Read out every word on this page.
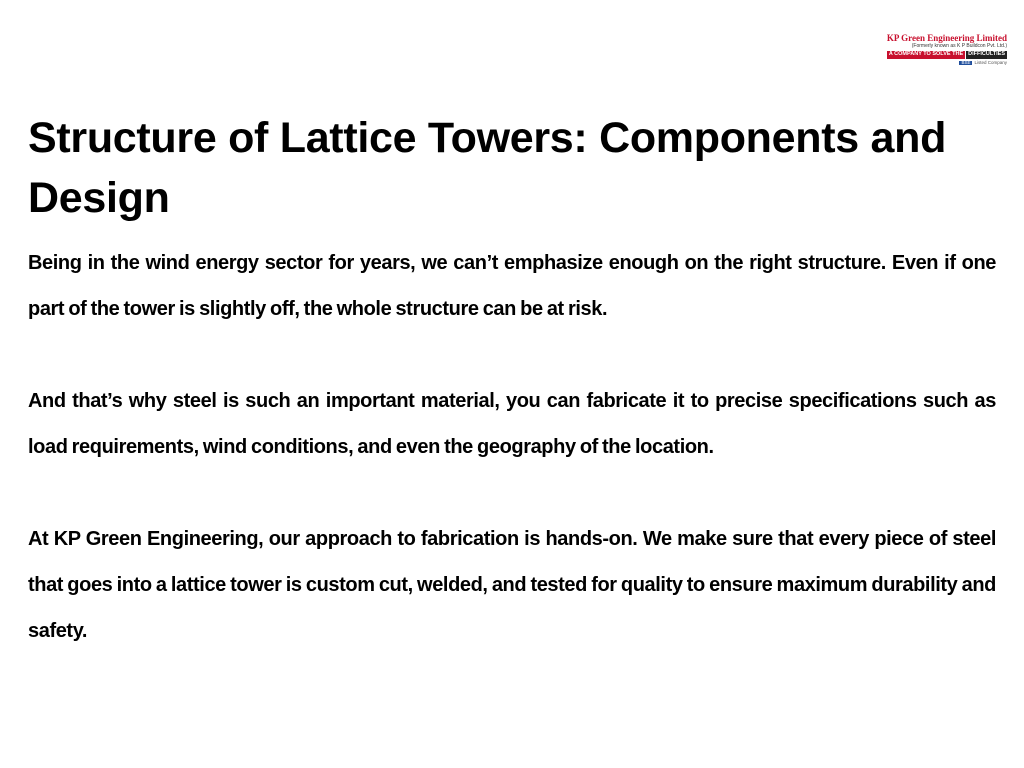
KP Green Engineering Limited
(Formerly known as K P Buildcon Pvt. Ltd.)
A COMPANY TO SOLVE THE DIFFICULTIES
BSE Listed Company
Structure of Lattice Towers: Components and Design

Being in the wind energy sector for years, we can’t emphasize enough on the right structure. Even if one part of the tower is slightly off, the whole structure can be at risk.

And that’s why steel is such an important material, you can fabricate it to precise specifications such as load requirements, wind conditions, and even the geography of the location.

At KP Green Engineering, our approach to fabrication is hands-on. We make sure that every piece of steel that goes into a lattice tower is custom cut, welded, and tested for quality to ensure maximum durability and safety.
